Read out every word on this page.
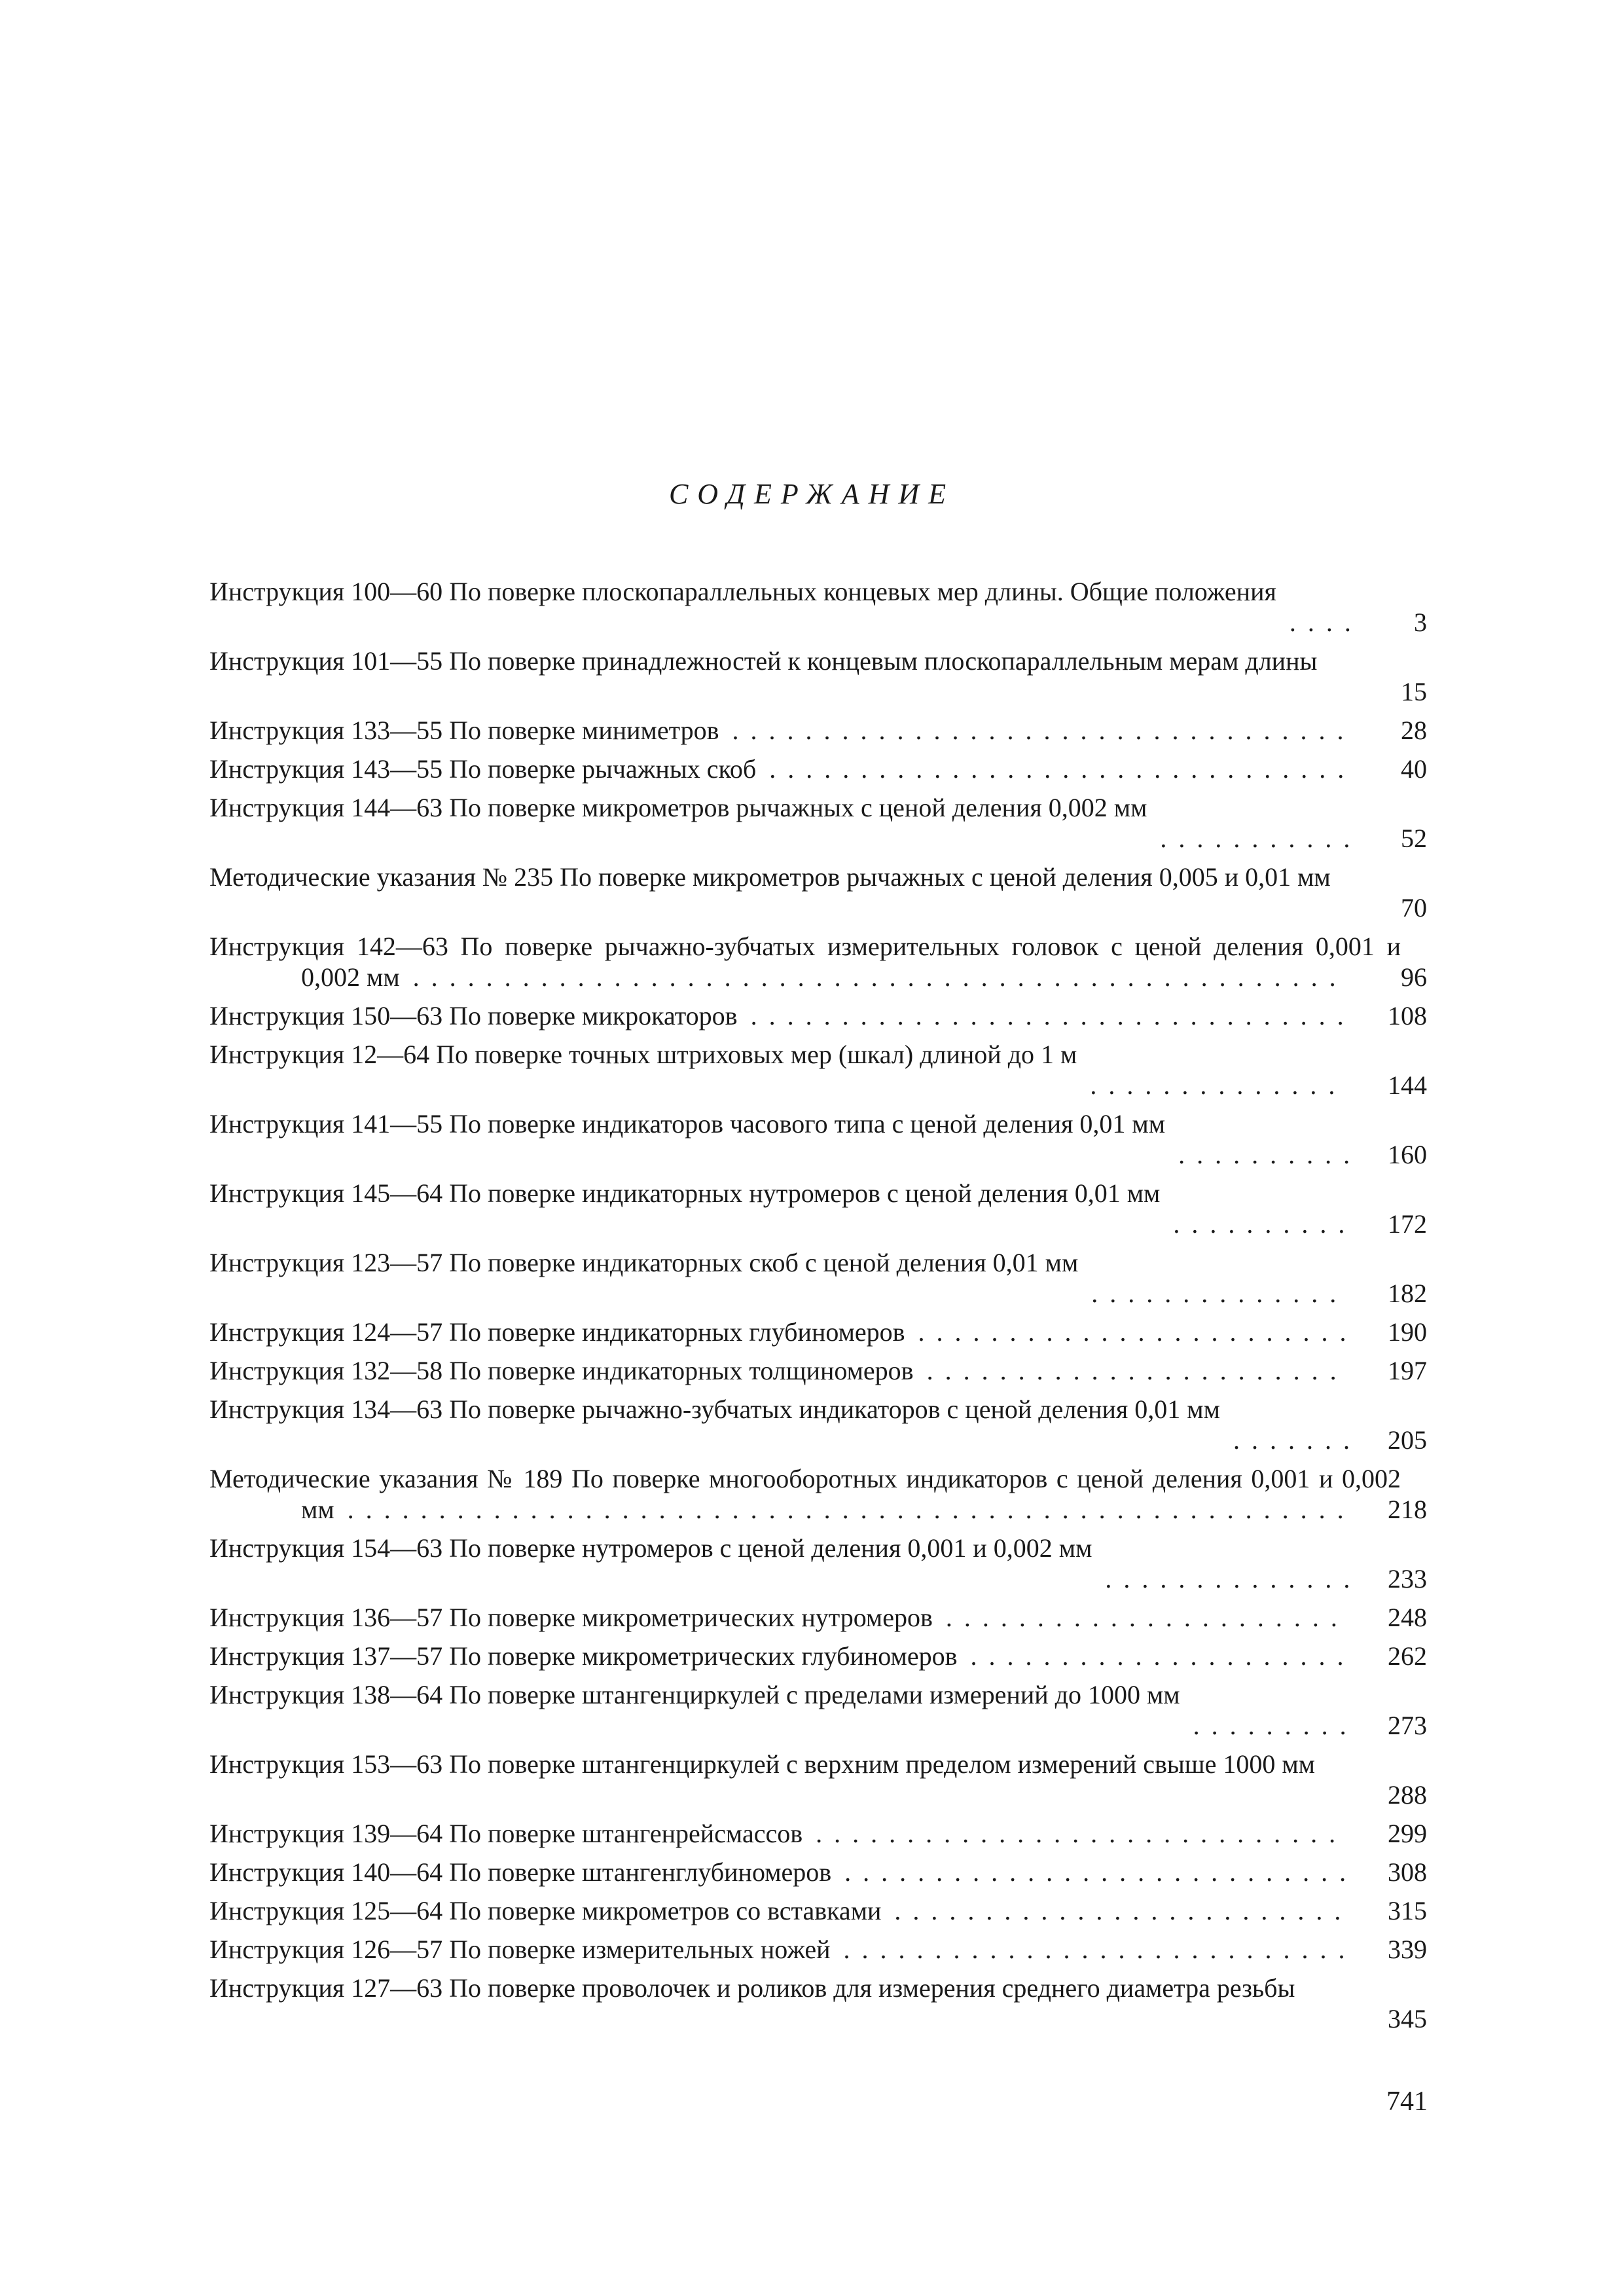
СОДЕРЖАНИЕ
Инструкция 100—60 По поверке плоскопараллельных концевых мер длины. Общие положения
....	3
Инструкция 101—55 По поверке принадлежностей к концевым плоскопараллельным мерам длины
15
Инструкция 133—55 По поверке миниметров ..................................	28
Инструкция 143—55 По поверке рычажных скоб ................................	40
Инструкция 144—63 По поверке микрометров рычажных с ценой деления 0,002 мм
...........	52
Методические указания № 235 По поверке микрометров рычажных с ценой деления 0,005 и 0,01 мм
70
Инструкция 142—63 По поверке рычажно-зубчатых измерительных головок с ценой деления 0,001 и 0,002 мм ...................................................	96
Инструкция 150—63 По поверке микрокаторов .................................	108
Инструкция 12—64 По поверке точных штриховых мер (шкал) длиной до 1 м
..............	144
Инструкция 141—55 По поверке индикаторов часового типа с ценой деления 0,01 мм
.......... 160
Инструкция 145—64 По поверке индикаторных нутромеров с ценой деления 0,01 мм
..........	172
Инструкция 123—57 По поверке индикаторных скоб с ценой деления 0,01 мм
..............	182
Инструкция 124—57 По поверке индикаторных глубиномеров ........................	190
Инструкция 132—58 По поверке индикаторных толщиномеров .......................	197
Инструкция 134—63 По поверке рычажно-зубчатых индикаторов с ценой деления 0,01 мм
.......	205
Методические указания № 189 По поверке многооборотных индикаторов с ценой деления 0,001 и 0,002 мм .......................................................	218
Инструкция 154—63 По поверке нутромеров с ценой деления 0,001 и 0,002 мм
.............. 233
Инструкция 136—57 По поверке микрометрических нутромеров ......................	248
Инструкция 137—57 По поверке микрометрических глубиномеров .....................	262
Инструкция 138—64 По поверке штангенциркулей с пределами измерений до 1000 мм
.........	273
Инструкция 153—63 По поверке штангенциркулей с верхним пределом измерений свыше 1000 мм
288
Инструкция 139—64 По поверке штангенрейсмассов .............................	299
Инструкция 140—64 По поверке штангенглубиномеров ............................	308
Инструкция 125—64 По поверке микрометров со вставками .........................	315
Инструкция 126—57 По поверке измерительных ножей ............................	339
Инструкция 127—63 По поверке проволочек и роликов для измерения среднего диаметра резьбы
345
741
